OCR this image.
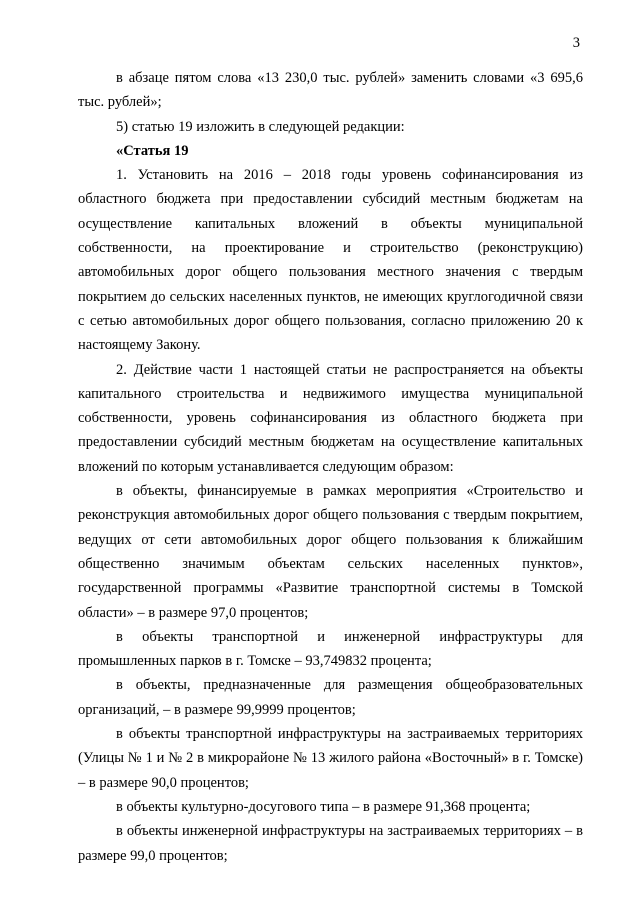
3

в абзаце пятом слова «13 230,0 тыс. рублей» заменить словами «3 695,6 тыс. рублей»;

5) статью 19 изложить в следующей редакции:

«Статья 19

1. Установить на 2016 – 2018 годы уровень софинансирования из областного бюджета при предоставлении субсидий местным бюджетам на осуществление капитальных вложений в объекты муниципальной собственности, на проектирование и строительство (реконструкцию) автомобильных дорог общего пользования местного значения с твердым покрытием до сельских населенных пунктов, не имеющих круглогодичной связи с сетью автомобильных дорог общего пользования, согласно приложению 20 к настоящему Закону.

2. Действие части 1 настоящей статьи не распространяется на объекты капитального строительства и недвижимого имущества муниципальной собственности, уровень софинансирования из областного бюджета при предоставлении субсидий местным бюджетам на осуществление капитальных вложений по которым устанавливается следующим образом:

в объекты, финансируемые в рамках мероприятия «Строительство и реконструкция автомобильных дорог общего пользования с твердым покрытием, ведущих от сети автомобильных дорог общего пользования к ближайшим общественно значимым объектам сельских населенных пунктов», государственной программы «Развитие транспортной системы в Томской области» – в размере 97,0 процентов;

в объекты транспортной и инженерной инфраструктуры для промышленных парков в г. Томске – 93,749832 процента;

в объекты, предназначенные для размещения общеобразовательных организаций, – в размере 99,9999 процентов;

в объекты транспортной инфраструктуры на застраиваемых территориях (Улицы № 1 и № 2 в микрорайоне № 13 жилого района «Восточный» в г. Томске) – в размере 90,0 процентов;

в объекты культурно-досугового типа – в размере 91,368 процента;

в объекты инженерной инфраструктуры на застраиваемых территориях – в размере 99,0 процентов;
